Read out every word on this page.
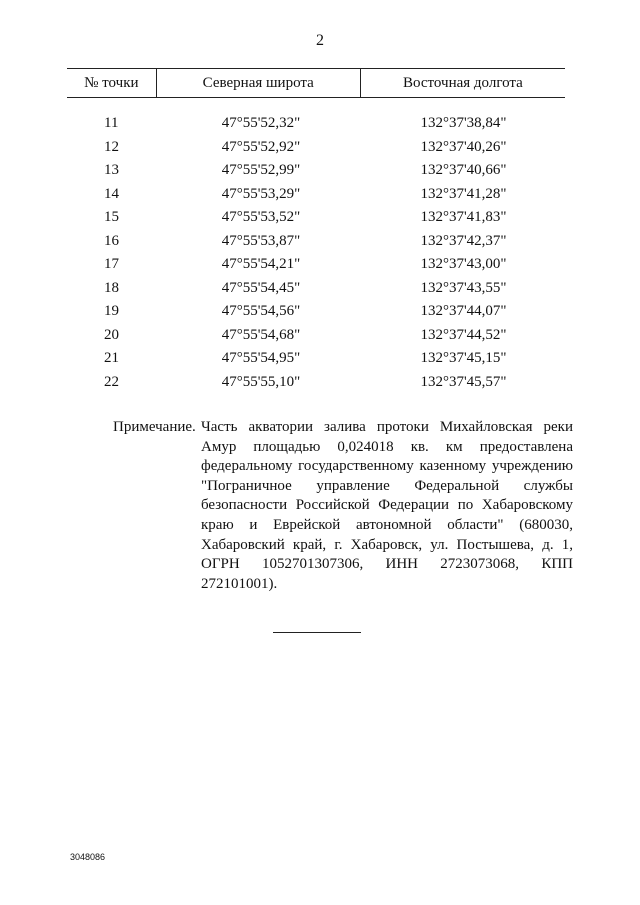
2
№ точки	Северная широта	Восточная долгота
11	47°55'52,32"	132°37'38,84"
12	47°55'52,92"	132°37'40,26"
13	47°55'52,99"	132°37'40,66"
14	47°55'53,29"	132°37'41,28"
15	47°55'53,52"	132°37'41,83"
16	47°55'53,87"	132°37'42,37"
17	47°55'54,21"	132°37'43,00"
18	47°55'54,45"	132°37'43,55"
19	47°55'54,56"	132°37'44,07"
20	47°55'54,68"	132°37'44,52"
21	47°55'54,95"	132°37'45,15"
22	47°55'55,10"	132°37'45,57"
Примечание. Часть акватории залива протоки Михайловская реки Амур площадью 0,024018 кв. км предоставлена федеральному государственному казенному учреждению "Пограничное управление Федеральной службы безопасности Российской Федерации по Хабаровскому краю и Еврейской автономной области" (680030, Хабаровский край, г. Хабаровск, ул. Постышева, д. 1, ОГРН 1052701307306, ИНН 2723073068, КПП 272101001).
3048086
